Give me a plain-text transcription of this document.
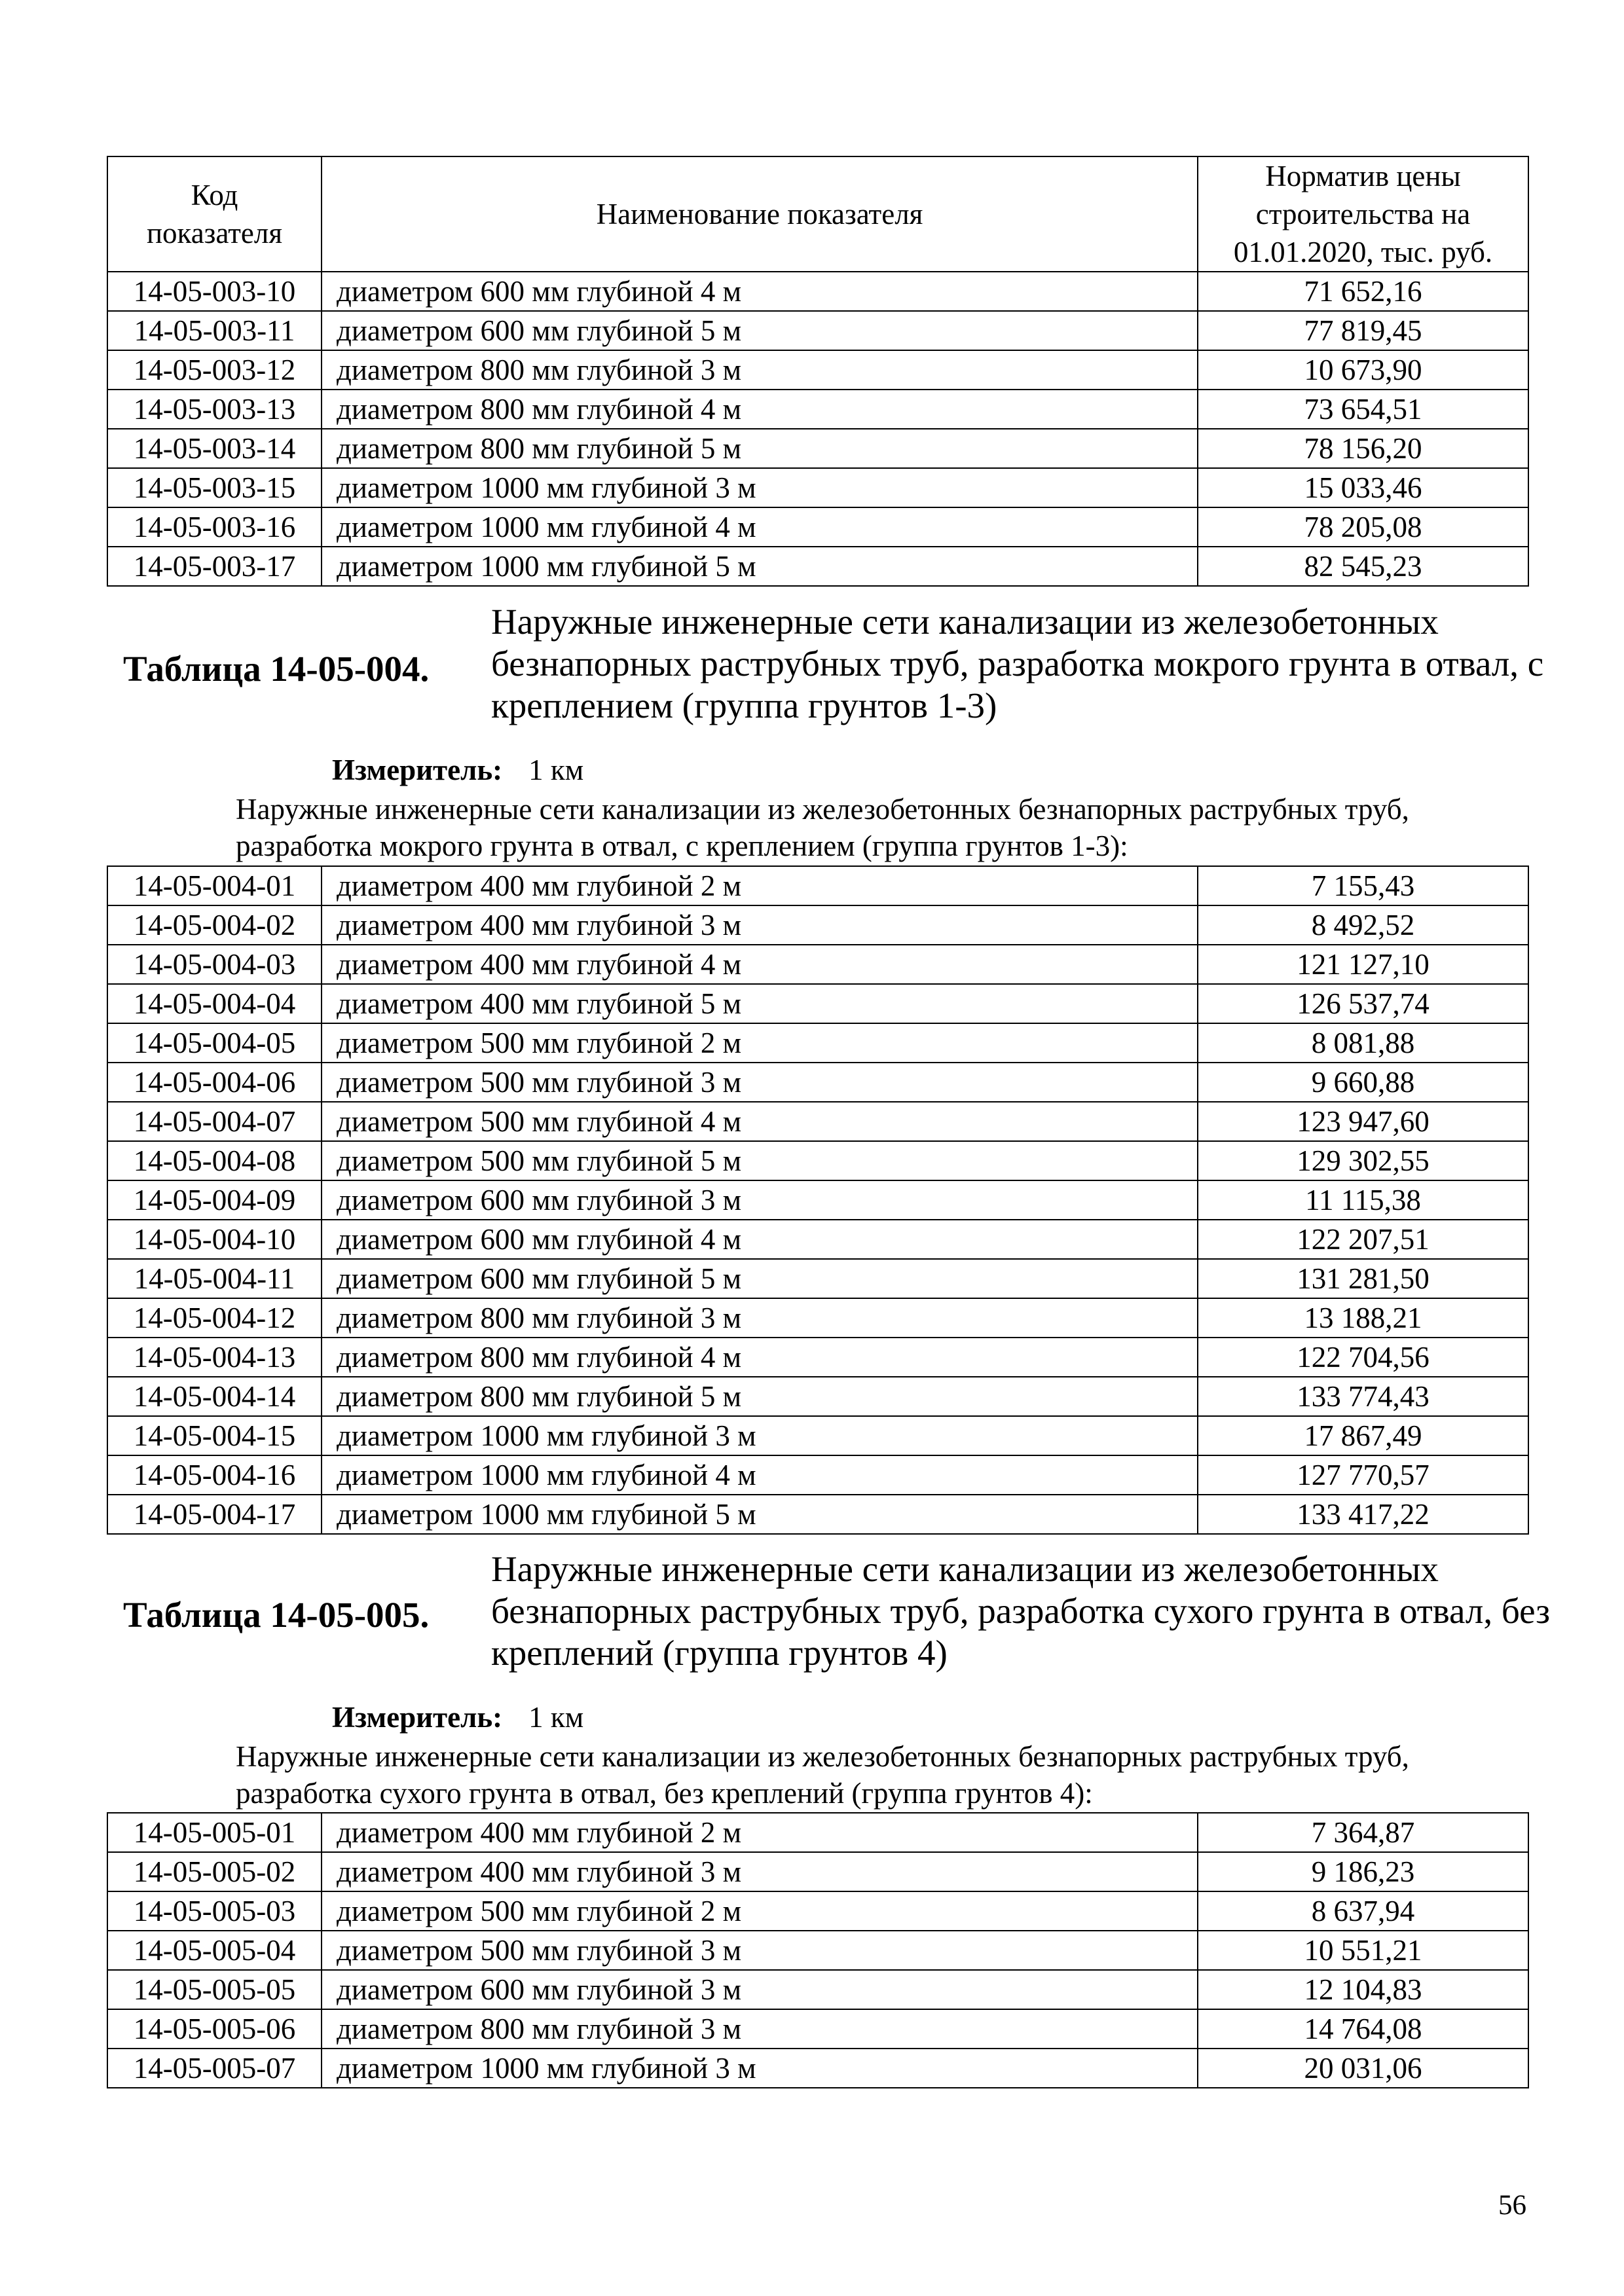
Код показателя	Наименование показателя	Норматив цены строительства на 01.01.2020, тыс. руб.
14-05-003-10	диаметром 600 мм глубиной 4 м	71 652,16
14-05-003-11	диаметром 600 мм глубиной 5 м	77 819,45
14-05-003-12	диаметром 800 мм глубиной 3 м	10 673,90
14-05-003-13	диаметром 800 мм глубиной 4 м	73 654,51
14-05-003-14	диаметром 800 мм глубиной 5 м	78 156,20
14-05-003-15	диаметром 1000 мм глубиной 3 м	15 033,46
14-05-003-16	диаметром 1000 мм глубиной 4 м	78 205,08
14-05-003-17	диаметром 1000 мм глубиной 5 м	82 545,23
Таблица 14-05-004.
Наружные инженерные сети канализации из железобетонных безнапорных раструбных труб, разработка мокрого грунта в отвал, с креплением (группа грунтов 1-3)
Измеритель: 1 км
Наружные инженерные сети канализации из железобетонных безнапорных раструбных труб, разработка мокрого грунта в отвал, с креплением (группа грунтов 1-3):
14-05-004-01	диаметром 400 мм глубиной 2 м	7 155,43
14-05-004-02	диаметром 400 мм глубиной 3 м	8 492,52
14-05-004-03	диаметром 400 мм глубиной 4 м	121 127,10
14-05-004-04	диаметром 400 мм глубиной 5 м	126 537,74
14-05-004-05	диаметром 500 мм глубиной 2 м	8 081,88
14-05-004-06	диаметром 500 мм глубиной 3 м	9 660,88
14-05-004-07	диаметром 500 мм глубиной 4 м	123 947,60
14-05-004-08	диаметром 500 мм глубиной 5 м	129 302,55
14-05-004-09	диаметром 600 мм глубиной 3 м	11 115,38
14-05-004-10	диаметром 600 мм глубиной 4 м	122 207,51
14-05-004-11	диаметром 600 мм глубиной 5 м	131 281,50
14-05-004-12	диаметром 800 мм глубиной 3 м	13 188,21
14-05-004-13	диаметром 800 мм глубиной 4 м	122 704,56
14-05-004-14	диаметром 800 мм глубиной 5 м	133 774,43
14-05-004-15	диаметром 1000 мм глубиной 3 м	17 867,49
14-05-004-16	диаметром 1000 мм глубиной 4 м	127 770,57
14-05-004-17	диаметром 1000 мм глубиной 5 м	133 417,22
Таблица 14-05-005.
Наружные инженерные сети канализации из железобетонных безнапорных раструбных труб, разработка сухого грунта в отвал, без креплений (группа грунтов 4)
Измеритель: 1 км
Наружные инженерные сети канализации из железобетонных безнапорных раструбных труб, разработка сухого грунта в отвал, без креплений (группа грунтов 4):
14-05-005-01	диаметром 400 мм глубиной 2 м	7 364,87
14-05-005-02	диаметром 400 мм глубиной 3 м	9 186,23
14-05-005-03	диаметром 500 мм глубиной 2 м	8 637,94
14-05-005-04	диаметром 500 мм глубиной 3 м	10 551,21
14-05-005-05	диаметром 600 мм глубиной 3 м	12 104,83
14-05-005-06	диаметром 800 мм глубиной 3 м	14 764,08
14-05-005-07	диаметром 1000 мм глубиной 3 м	20 031,06
56
